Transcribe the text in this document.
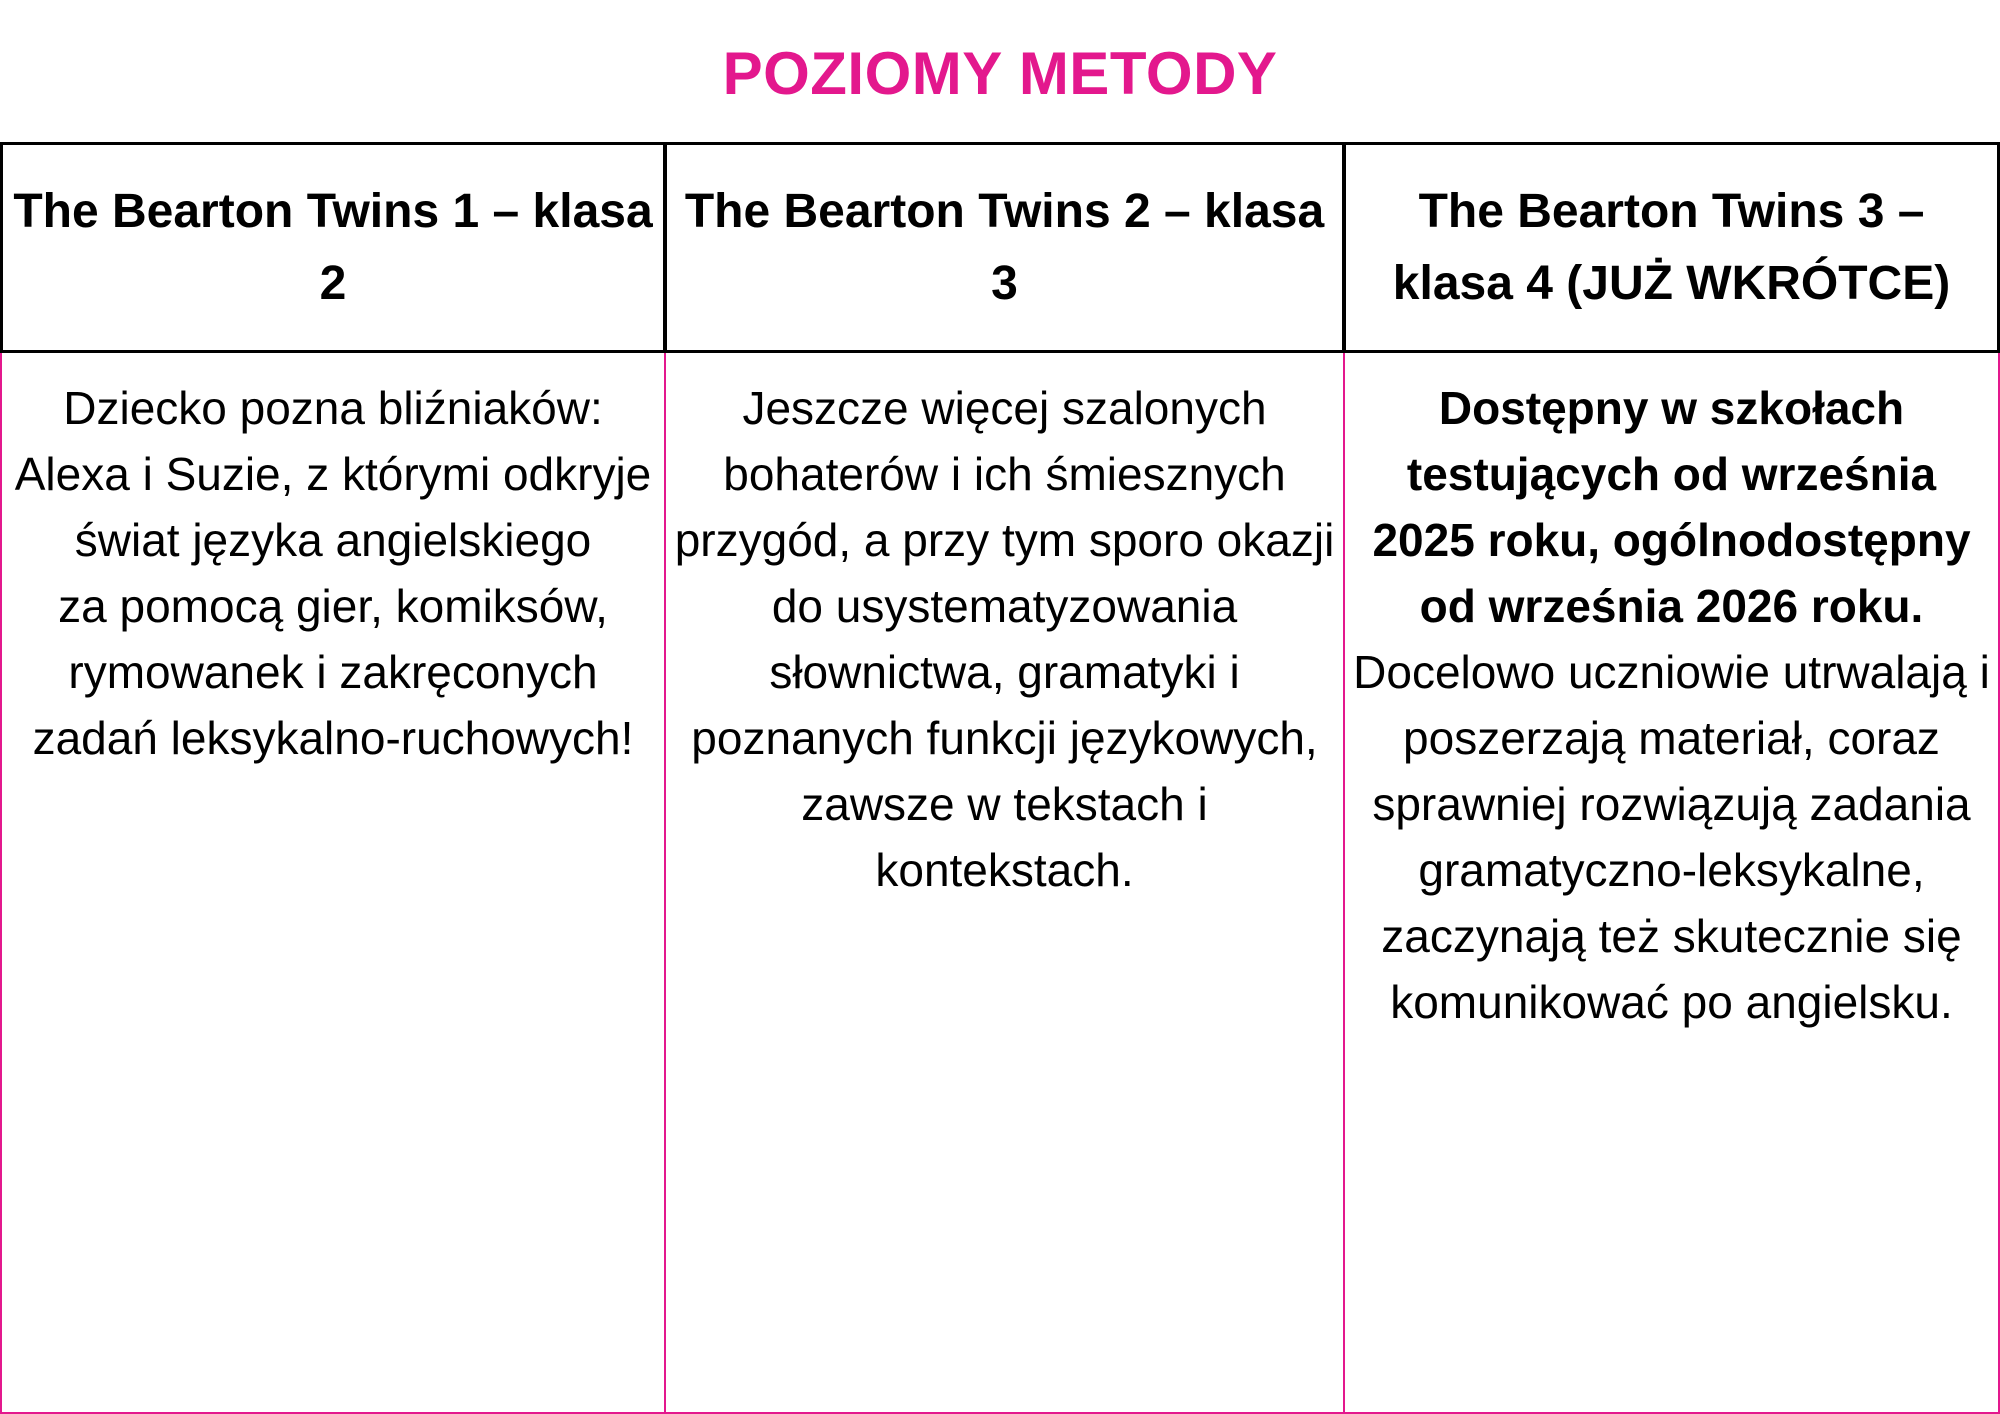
POZIOMY METODY
The Bearton Twins 1 – klasa 2
The Bearton Twins 2 – klasa 3
The Bearton Twins 3 – klasa 4 (JUŻ WKRÓTCE)
Dziecko pozna bliźniaków: Alexa i Suzie, z którymi odkryje świat języka angielskiego
za pomocą gier, komiksów, rymowanek i zakręconych zadań leksykalno-ruchowych!
Jeszcze więcej szalonych bohaterów i ich śmiesznych przygód, a przy tym sporo okazji do usystematyzowania słownictwa, gramatyki i poznanych funkcji językowych,
zawsze w tekstach i kontekstach.
Dostępny w szkołach testujących od września 2025 roku, ogólnodostępny od września 2026 roku.
Docelowo uczniowie utrwalają i poszerzają materiał, coraz sprawniej rozwiązują zadania gramatyczno-leksykalne, zaczynają też skutecznie się
komunikować po angielsku.
